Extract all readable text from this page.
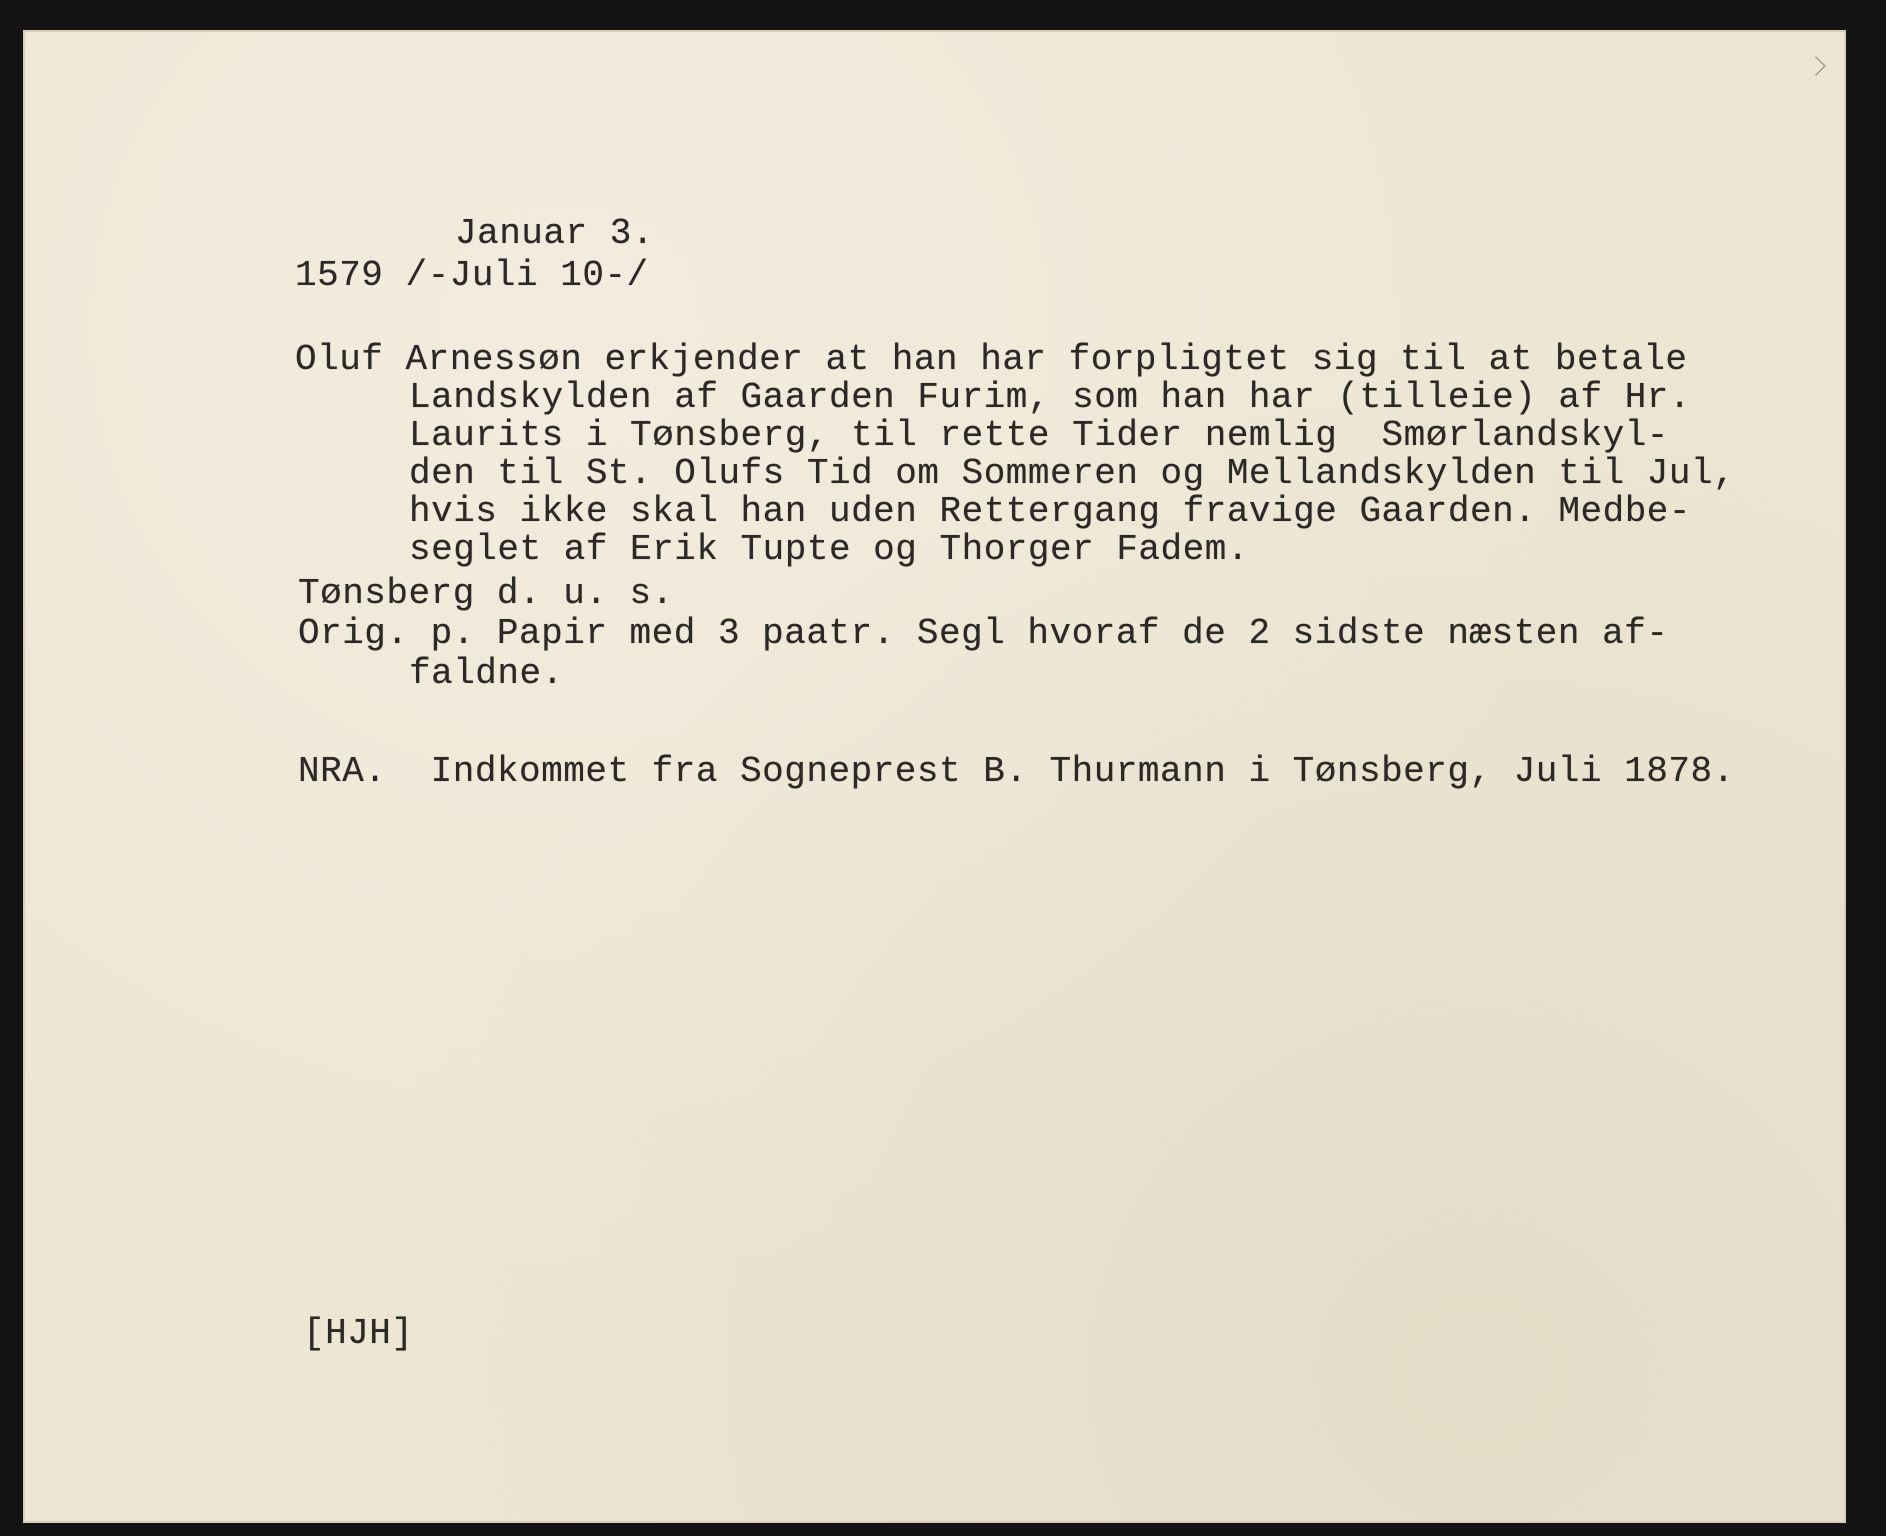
Januar 3.

1579 /-Juli 10-/

Oluf Arnessøn erkjender at han har forpligtet sig til at betale

Landskylden af Gaarden Furim, som han har (tilleie) af Hr.

Laurits i Tønsberg, til rette Tider nemlig  Smørlandskyl-

den til St. Olufs Tid om Sommeren og Mellandskylden til Jul,

hvis ikke skal han uden Rettergang fravige Gaarden. Medbe-

seglet af Erik Tupte og Thorger Fadem.

Tønsberg d. u. s.

Orig. p. Papir med 3 paatr. Segl hvoraf de 2 sidste næsten af-

faldne.

NRA.  Indkommet fra Sogneprest B. Thurmann i Tønsberg, Juli 1878.

[HJH]
